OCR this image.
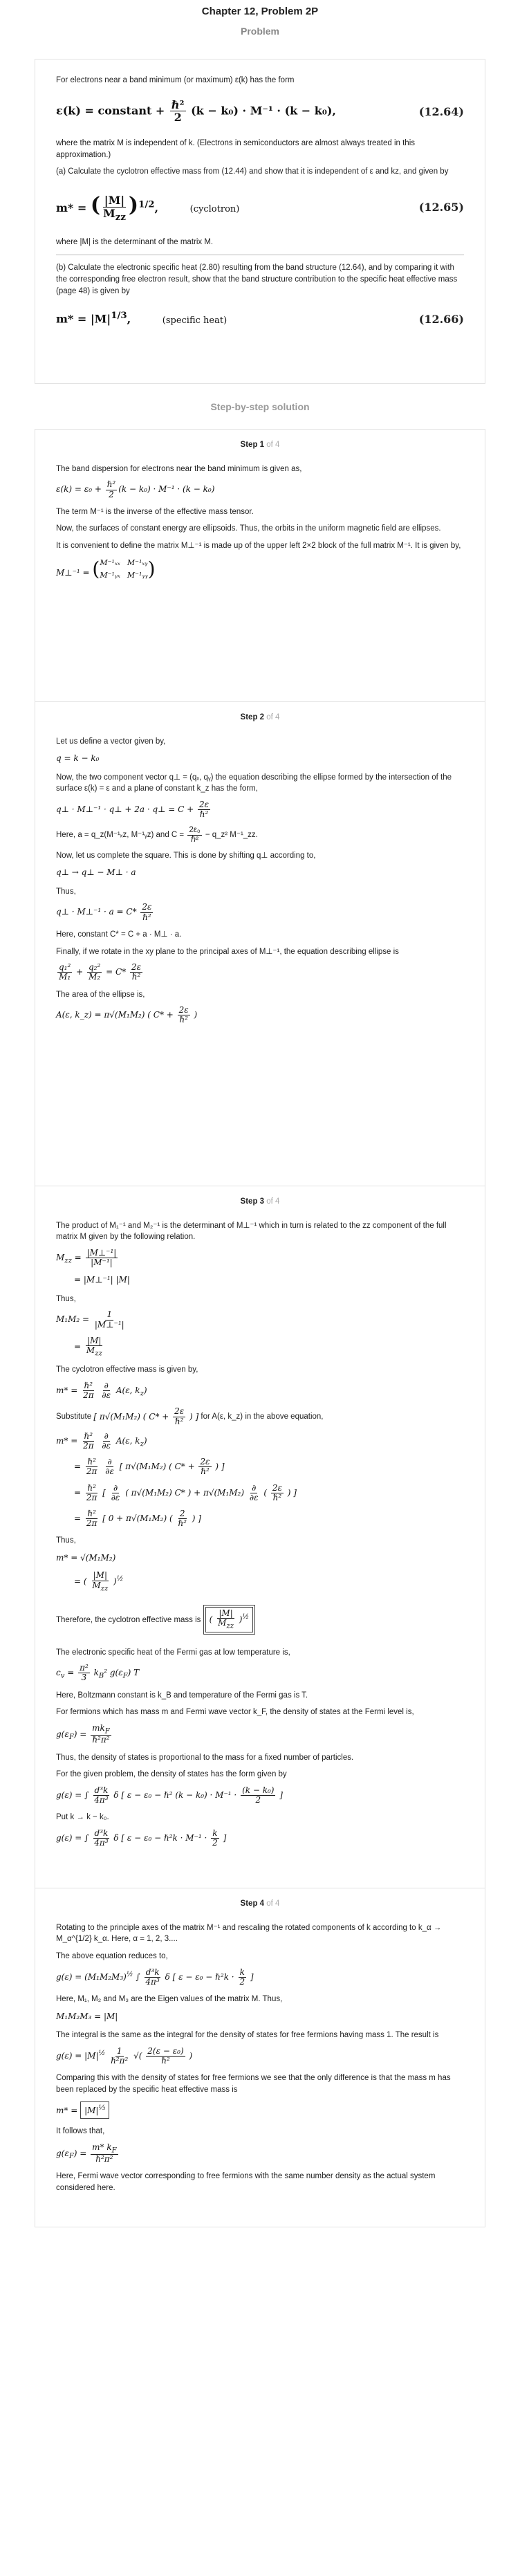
Chapter 12, Problem 2P
Problem

For electrons near a band minimum (or maximum) ε(k) has the form

ε(k) = constant + $\frac{\text{ℏ²}}{2} (k - k_0) \cdot M^{-1} \cdot (k - k_0)$,	(12.64)

where the matrix M is independent of k. (Electrons in semiconductors are almost always treated in this approximation.)

(a) Calculate the cyclotron effective mass from (12.44) and show that it is independent of ε and kz, and given by

m* = ( $\frac{|M|}{M_{zz}} )^{1/2}$,	(cyclotron)	(12.65)

where |M| is the determinant of the matrix M.

(b) Calculate the electronic specific heat (2.80) resulting from the band structure (12.64), and by comparing it with the corresponding free electron result, show that the band structure contribution to the specific heat effective mass (page 48) is given by

$m* = |M|^{1/3}$,	(specific heat)	(12.66)
Step-by-step solution
Step 1 of 4

The band dispersion for electrons near the band minimum is given as,

$\varepsilon(k) = \varepsilon_0 + \frac{\text{ℏ²}}{2} (k - k_0) \cdot M^{-1} \cdot (k - k_0)$

The term M⁻¹ is the inverse of the effective mass tensor.

Now, the surfaces of constant energy are ellipsoids. Thus, the orbits in the uniform magnetic field are ellipses.

It is convenient to define the matrix M⊥⁻¹ is made up of the upper left 2×2 block of the full matrix M⁻¹. It is given by,

M⊥⁻¹ = ( M⁻¹ₓₓ M⁻¹ₓᵧ
M⁻¹ᵧₓ M⁻¹ᵧᵧ )
Step 2 of 4

Let us define a vector given by,

q = k − k₀

Now, the two component vector q⊥ = (qₓ, qᵧ) the equation describing the ellipse formed by the intersection of the surface ε(k) = ε and a plane of constant k_z has the form,

q⊥ · M⊥⁻¹ · q⊥ + 2a · q⊥ = $C + \frac{2\varepsilon}{\text{ℏ²}}$

Here, a = q_z(M⁻¹ₓz, M⁻¹ᵧz) and $C = \frac{\text{2ε₀}}{\text{ℏ²}}$ − q_z² M⁻¹_zz.

Now, let us complete the square. This is done by shifting q⊥ according to,

q⊥ → q⊥ − M⊥ · a

Thus,

q⊥ · M⊥⁻¹ · $a = C* \frac{2\varepsilon}{\text{ℏ²}}$

Here, constant C* = C + a · M⊥ · a.

Finally, if we rotate in the xy plane to the principal axes of M⊥⁻¹, the equation describing ellipse is

$\frac{\text{q₁²}}{\text{M₁}} + \frac{\text{q₂²}}{\text{M₂}} = C* \frac{2\varepsilon}{\text{ℏ²}}$

The area of the ellipse is,

A(ε, k_z) = π√(M₁M₂) ( $C* + \frac{2\varepsilon}{\text{ℏ²}}$ )
Step 3 of 4

The product of M₁⁻¹ and M₂⁻¹ is the determinant of M⊥⁻¹ which in turn is related to the zz component of the full matrix M given by the following relation.

$M_{zz} = \frac{\text{|M⊥⁻¹|}}{\text{|M⁻¹|}}$
= |M⊥⁻¹| |M|

Thus,

$M_1M_2 = \frac{1}{\text{|M⊥⁻¹|}}$
= $\frac{|M|}{M_{zz}}$

The cyclotron effective mass is given by,

$m* = \frac{\text{ℏ²}}{2\pi}$
$\frac{\partial}{\partial\varepsilon} A(\varepsilon$, $k_z$)

Substitute [ π√(M₁M₂) ( $C* + \frac{2\varepsilon}{\text{ℏ²}}$ ) ] for A(ε, k_z) in the above equation,

$m* = \frac{\text{ℏ²}}{2\pi}$
$\frac{\partial}{\partial\varepsilon} A(\varepsilon$, $k_z$)
= $\frac{\text{ℏ²}}{2\pi}$
$\frac{\partial}{\partial\varepsilon}$ [ π√(M₁M₂) ( $C* + \frac{2\varepsilon}{\text{ℏ²}}$ ) ]
= $\frac{\text{ℏ²}}{2\pi}$ [ $\frac{\partial}{\partial\varepsilon}$ ( π√(M₁M₂) C* ) + $\pi√(M_1M_2) \frac{\partial}{\partial\varepsilon}$ ( $\frac{2\varepsilon}{\text{ℏ²}}$ ) ]
= $\frac{\text{ℏ²}}{2\pi}$ [ 0 + π√(M₁M₂) ( $\frac{2}{\text{ℏ²}}$ ) ]

Thus,

m* = √(M₁M₂)
= ( $\frac{|M|}{M_{zz}} )^{\frac{1}{2}}$

Therefore, the cyclotron effective mass is ( $\frac{|M|}{M_{zz}} )^{\frac{1}{2}}$

The electronic specific heat of the Fermi gas at low temperature is,

$c_v = \frac{\text{π²}}{3} k_B^2$ $g(\varepsilon_F)$ T

Here, Boltzmann constant is k_B and temperature of the Fermi gas is T.

For fermions which has mass m and Fermi wave vector k_F, the density of states at the Fermi level is,

$g(\varepsilon_F) = \frac{mk_F}{\text{ℏ²π²}}$

Thus, the density of states is proportional to the mass for a fixed number of particles.

For the given problem, the density of states has the form given by

g(ε) = ∫ $\frac{\text{d³k}}{\text{4π³}}$ δ [ ε − ε₀ − ℏ² $(k - k_0) \cdot M^{-1} \cdot \frac{\text{(k − k₀)}}{2}$ ]

Put k → k − k₀.

g(ε) = ∫ $\frac{\text{d³k}}{\text{4π³}}$ δ [ ε − ε₀ − ℏ²k · $M^{-1} \cdot \frac{k}{2}$ ]
Step 4 of 4

Rotating to the principle axes of the matrix M⁻¹ and rescaling the rotated components of k according to k_α → M_α^{1/2} k_α. Here, α = 1, 2, 3....

The above equation reduces to,

$g(\varepsilon) = (M_1M_2M_3)^{\frac{1}{2}}$ ∫ $\frac{\text{d³k}}{\text{4π³}}$ δ [ ε − ε₀ − ℏ²k · $\frac{k}{2}$ ]

Here, M₁, M₂ and M₃ are the Eigen values of the matrix M. Thus,

M₁M₂M₃ = |M|

The integral is the same as the integral for the density of states for free fermions having mass 1. The result is

$g(\varepsilon) = |M|^{\frac{1}{2}} \frac{1}{\text{ℏ²π²}}$ √( $\frac{\text{2(ε − ε₀)}}{\text{ℏ²}}$ )

Comparing this with the density of states for free fermions we see that the only difference is that the mass m has been replaced by the specific heat effective mass is

$m* = |M|^{\frac{1}{3}}$

It follows that,

$g(\varepsilon_F) = \frac{m* k_F}{\text{ℏ²π²}}$

Here, Fermi wave vector corresponding to free fermions with the same number density as the actual system considered here.
